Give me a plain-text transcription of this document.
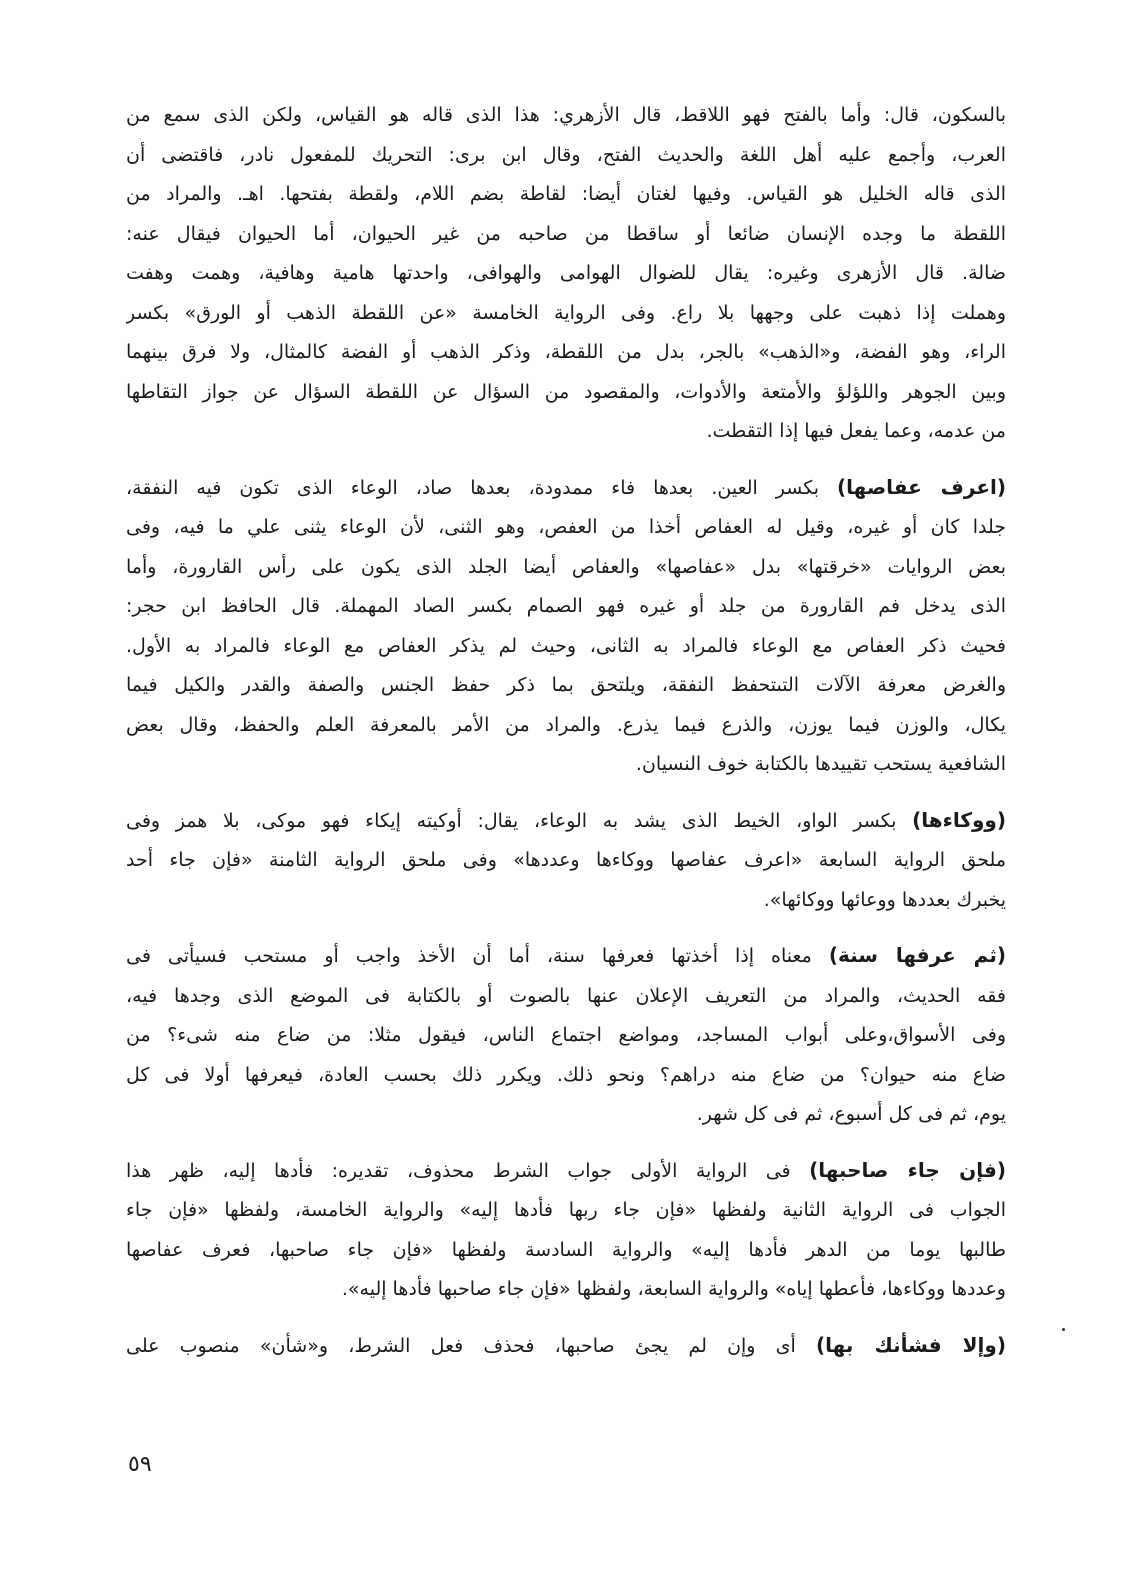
بالسكون، قال: وأما بالفتح فهو اللاقط، قال الأزهري: هذا الذى قاله هو القياس، ولكن الذى سمع من
العرب، وأجمع عليه أهل اللغة والحديث الفتح، وقال ابن برى: التحريك للمفعول نادر، فاقتضى أن
الذى قاله الخليل هو القياس. وفيها لغتان أيضا: لقاطة بضم اللام، ولقطة بفتحها. اهـ. والمراد من
اللقطة ما وجده الإنسان ضائعا أو ساقطا من صاحبه من غير الحيوان، أما الحيوان فيقال عنه:
ضالة. قال الأزهرى وغيره: يقال للضوال الهوامى والهوافى، واحدتها هامية وهافية، وهمت وهفت
وهملت إذا ذهبت على وجهها بلا راع. وفى الرواية الخامسة «عن اللقطة الذهب أو الورق» بكسر
الراء، وهو الفضة، و«الذهب» بالجر، بدل من اللقطة، وذكر الذهب أو الفضة كالمثال، ولا فرق بينهما
وبين الجوهر واللؤلؤ والأمتعة والأدوات، والمقصود من السؤال عن اللقطة السؤال عن جواز التقاطها
من عدمه، وعما يفعل فيها إذا التقطت.

(اعرف عفاصها) بكسر العين. بعدها فاء ممدودة، بعدها صاد، الوعاء الذى تكون فيه النفقة،
جلدا كان أو غيره، وقيل له العفاص أخذا من العفص، وهو الثنى، لأن الوعاء يثنى علي ما فيه، وفى
بعض الروايات «خرقتها» بدل «عفاصها» والعفاص أيضا الجلد الذى يكون على رأس القارورة، وأما
الذى يدخل فم القارورة من جلد أو غيره فهو الصمام بكسر الصاد المهملة. قال الحافظ ابن حجر:
فحيث ذكر العفاص مع الوعاء فالمراد به الثانى، وحيث لم يذكر العفاص مع الوعاء فالمراد به الأول.
والغرض معرفة الآلات التىتحفظ النفقة، ويلتحق بما ذكر حفظ الجنس والصفة والقدر والكيل فيما
يكال، والوزن فيما يوزن، والذرع فيما يذرع. والمراد من الأمر بالمعرفة العلم والحفظ، وقال بعض
الشافعية يستحب تقييدها بالكتابة خوف النسيان.

(ووكاءها) بكسر الواو، الخيط الذى يشد به الوعاء، يقال: أوكيته إيكاء فهو موكى، بلا همز وفى
ملحق الرواية السابعة «اعرف عفاصها ووكاءها وعددها» وفى ملحق الرواية الثامنة «فإن جاء أحد
يخبرك بعددها ووعائها ووكائها».

(ثم عرفها سنة) معناه إذا أخذتها فعرفها سنة، أما أن الأخذ واجب أو مستحب فسيأتى فى
فقه الحديث، والمراد من التعريف الإعلان عنها بالصوت أو بالكتابة فى الموضع الذى وجدها فيه،
وفى الأسواق،وعلى أبواب المساجد، ومواضع اجتماع الناس، فيقول مثلا: من ضاع منه شىء؟ من
ضاع منه حيوان؟ من ضاع منه دراهم؟ ونحو ذلك. ويكرر ذلك بحسب العادة، فيعرفها أولا فى كل
يوم، ثم فى كل أسبوع، ثم فى كل شهر.

(فإن جاء صاحبها) فى الرواية الأولى جواب الشرط محذوف، تقديره: فأدها إليه، ظهر هذا
الجواب فى الرواية الثانية ولفظها «فإن جاء ربها فأدها إليه» والرواية الخامسة، ولفظها «فإن جاء
طالبها يوما من الدهر فأدها إليه» والرواية السادسة ولفظها «فإن جاء صاحبها، فعرف عفاصها
وعددها ووكاءها، فأعطها إياه» والرواية السابعة، ولفظها «فإن جاء صاحبها فأدها إليه».

(وإلا فشأنك بها) أى وإن لم يجئ صاحبها، فحذف فعل الشرط، و«شأن» منصوب على

٥٩
